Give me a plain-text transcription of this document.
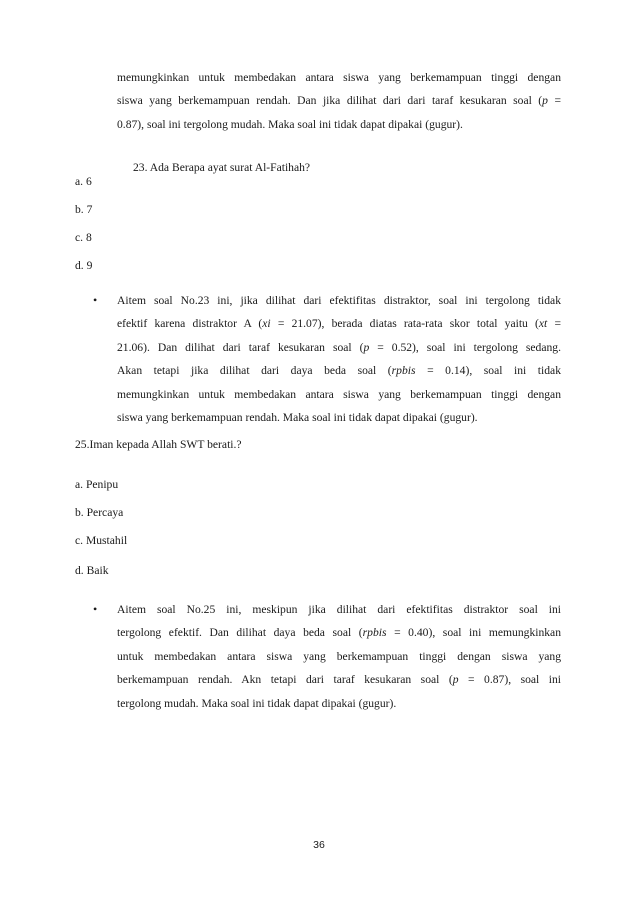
memungkinkan untuk membedakan antara siswa yang berkemampuan tinggi dengan
siswa yang berkemampuan rendah. Dan jika dilihat dari dari taraf kesukaran soal (p =
0.87), soal ini tergolong mudah. Maka soal ini tidak dapat dipakai (gugur).
23. Ada Berapa ayat surat Al-Fatihah?
a. 6
b. 7
c. 8
d. 9
• Aitem soal No.23 ini, jika dilihat dari efektifitas distraktor, soal ini tergolong tidak
efektif karena distraktor A (xi = 21.07), berada diatas rata-rata skor total yaitu (xt =
21.06). Dan dilihat dari taraf kesukaran soal (p = 0.52), soal ini tergolong sedang.
Akan tetapi jika dilihat dari daya beda soal (rpbis = 0.14), soal ini tidak
memungkinkan untuk membedakan antara siswa yang berkemampuan tinggi dengan
siswa yang berkemampuan rendah. Maka soal ini tidak dapat dipakai (gugur).
25.Iman kepada Allah SWT berati.?
a. Penipu
b. Percaya
c. Mustahil
d. Baik
• Aitem soal No.25 ini, meskipun jika dilihat dari efektifitas distraktor soal ini
tergolong efektif. Dan dilihat daya beda soal (rpbis = 0.40), soal ini memungkinkan
untuk membedakan antara siswa yang berkemampuan tinggi dengan siswa yang
berkemampuan rendah. Akn tetapi dari taraf kesukaran soal (p = 0.87), soal ini
tergolong mudah. Maka soal ini tidak dapat dipakai (gugur).
36
